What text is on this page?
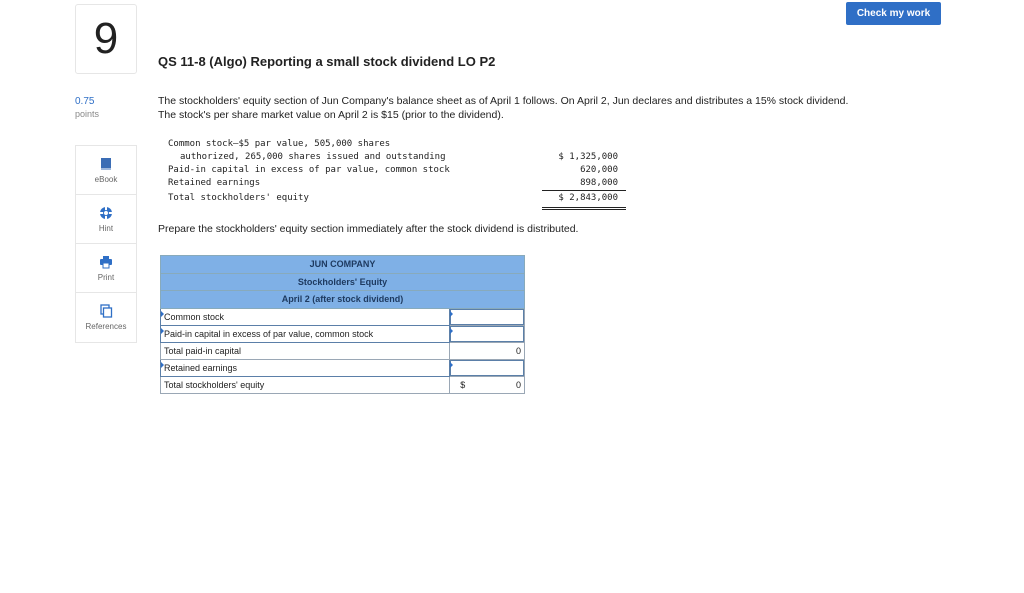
Check my work
9
0.75
points
eBook
Hint
Print
References
QS 11-8 (Algo) Reporting a small stock dividend LO P2
The stockholders' equity section of Jun Company's balance sheet as of April 1 follows. On April 2, Jun declares and distributes a 15% stock dividend. The stock's per share market value on April 2 is $15 (prior to the dividend).
Common stock—$5 par value, 505,000 shares
authorized, 265,000 shares issued and outstanding	$ 1,325,000
Paid-in capital in excess of par value, common stock	620,000
Retained earnings	898,000
Total stockholders' equity	$ 2,843,000
Prepare the stockholders' equity section immediately after the stock dividend is distributed.
JUN COMPANY	
Stockholders' Equity	
April 2 (after stock dividend)	

Common stock	

Paid-in capital in excess of par value, common stock	

Total paid-in capital	0

Retained earnings	

Total stockholders' equity	$ 0
